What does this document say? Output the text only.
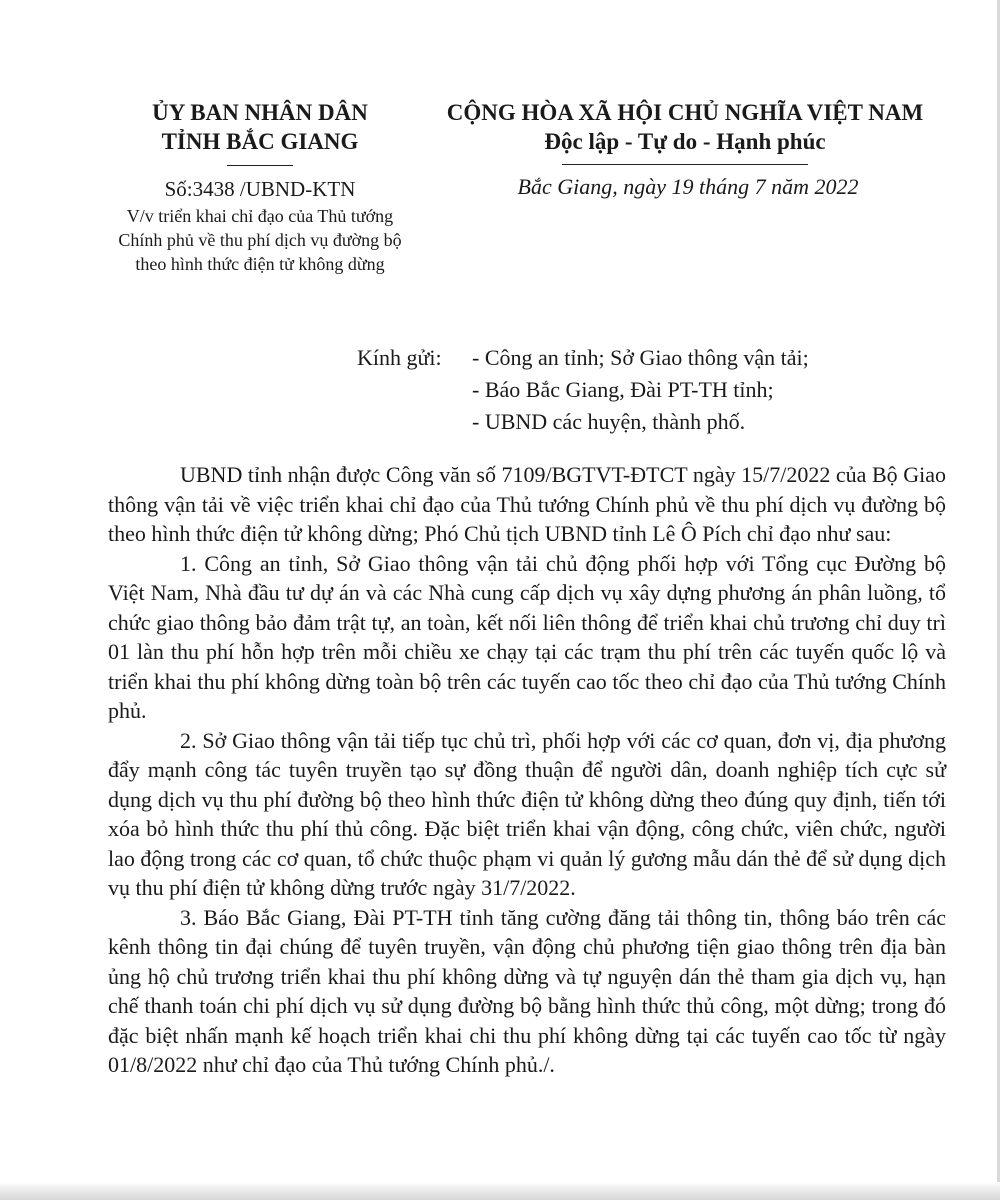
ỦY BAN NHÂN DÂN
TỈNH BẮC GIANG
Số:3438 /UBND-KTN
V/v triển khai chỉ đạo của Thủ tướng Chính phủ về thu phí dịch vụ đường bộ theo hình thức điện tử không dừng
CỘNG HÒA XÃ HỘI CHỦ NGHĨA VIỆT NAM
Độc lập - Tự do - Hạnh phúc
Bắc Giang, ngày 19 tháng 7 năm 2022
Kính gửi: - Công an tỉnh; Sở Giao thông vận tải;
- Báo Bắc Giang, Đài PT-TH tỉnh;
- UBND các huyện, thành phố.

UBND tỉnh nhận được Công văn số 7109/BGTVT-ĐTCT ngày 15/7/2022 của Bộ Giao thông vận tải về việc triển khai chỉ đạo của Thủ tướng Chính phủ về thu phí dịch vụ đường bộ theo hình thức điện tử không dừng; Phó Chủ tịch UBND tỉnh Lê Ô Pích chỉ đạo như sau:

1. Công an tỉnh, Sở Giao thông vận tải chủ động phối hợp với Tổng cục Đường bộ Việt Nam, Nhà đầu tư dự án và các Nhà cung cấp dịch vụ xây dựng phương án phân luồng, tổ chức giao thông bảo đảm trật tự, an toàn, kết nối liên thông để triển khai chủ trương chỉ duy trì 01 làn thu phí hỗn hợp trên mỗi chiều xe chạy tại các trạm thu phí trên các tuyến quốc lộ và triển khai thu phí không dừng toàn bộ trên các tuyến cao tốc theo chỉ đạo của Thủ tướng Chính phủ.

2. Sở Giao thông vận tải tiếp tục chủ trì, phối hợp với các cơ quan, đơn vị, địa phương đẩy mạnh công tác tuyên truyền tạo sự đồng thuận để người dân, doanh nghiệp tích cực sử dụng dịch vụ thu phí đường bộ theo hình thức điện tử không dừng theo đúng quy định, tiến tới xóa bỏ hình thức thu phí thủ công. Đặc biệt triển khai vận động, công chức, viên chức, người lao động trong các cơ quan, tổ chức thuộc phạm vi quản lý gương mẫu dán thẻ để sử dụng dịch vụ thu phí điện tử không dừng trước ngày 31/7/2022.

3. Báo Bắc Giang, Đài PT-TH tỉnh tăng cường đăng tải thông tin, thông báo trên các kênh thông tin đại chúng để tuyên truyền, vận động chủ phương tiện giao thông trên địa bàn ủng hộ chủ trương triển khai thu phí không dừng và tự nguyện dán thẻ tham gia dịch vụ, hạn chế thanh toán chi phí dịch vụ sử dụng đường bộ bằng hình thức thủ công, một dừng; trong đó đặc biệt nhấn mạnh kế hoạch triển khai chi thu phí không dừng tại các tuyến cao tốc từ ngày 01/8/2022 như chỉ đạo của Thủ tướng Chính phủ./.
